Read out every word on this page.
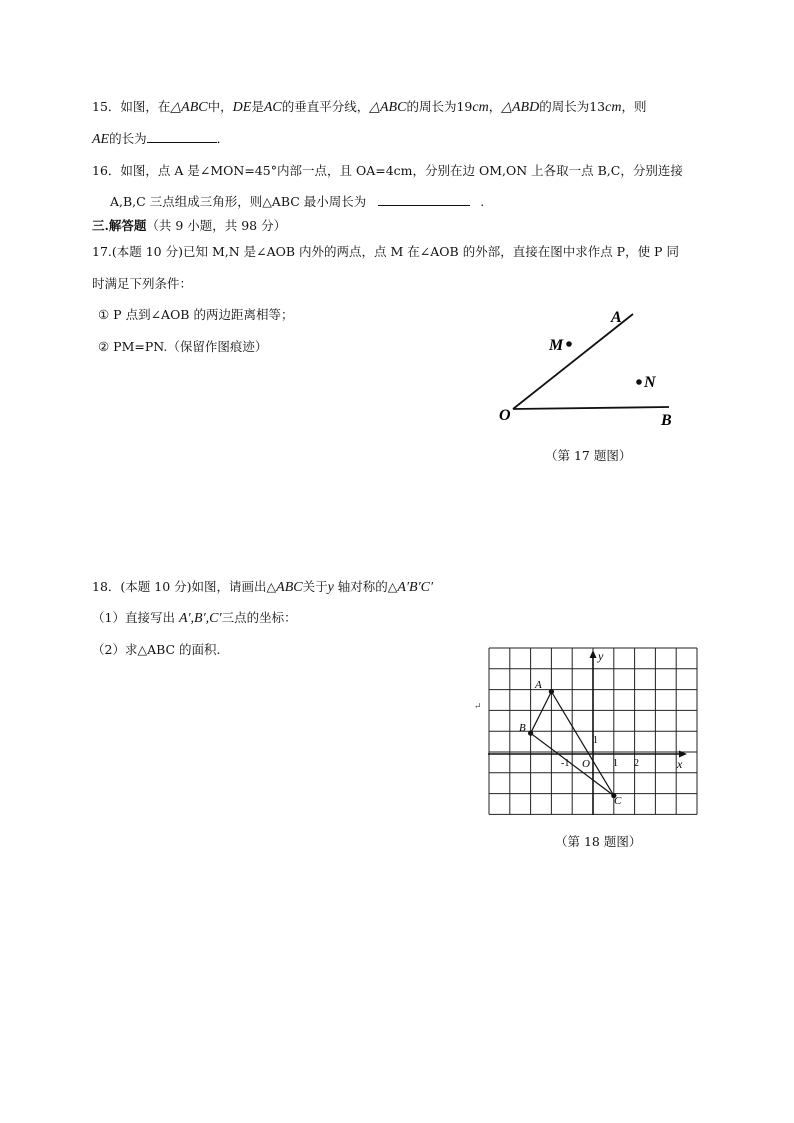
15．如图，在△ABC中，DE是AC的垂直平分线，△ABC的周长为19cm，△ABD的周长为13cm，则
AE的长为	．
16．如图，点 A 是∠MON=45°内部一点，且 OA=4cm，分别在边 OM,ON 上各取一点 B,C，分别连接
A,B,C 三点组成三角形，则△ABC 最小周长为	.
三.解答题（共 9 小题，共 98 分）
17.(本题 10 分)已知 M,N 是∠AOB 内外的两点，点 M 在∠AOB 的外部，直接在图中求作点 P，使 P 同
时满足下列条件：
① P 点到∠AOB 的两边距离相等；
② PM=PN.（保留作图痕迹）
A
M
N
O	B
（第 17 题图）
18．(本题 10 分)如图，请画出△ABC关于y 轴对称的△A′B′C′
（1）直接写出 A′,B′,C′三点的坐标：
（2）求△ABC 的面积.
↵
A
B
C
O	x
y
-1	1 2
1
（第 18 题图）
